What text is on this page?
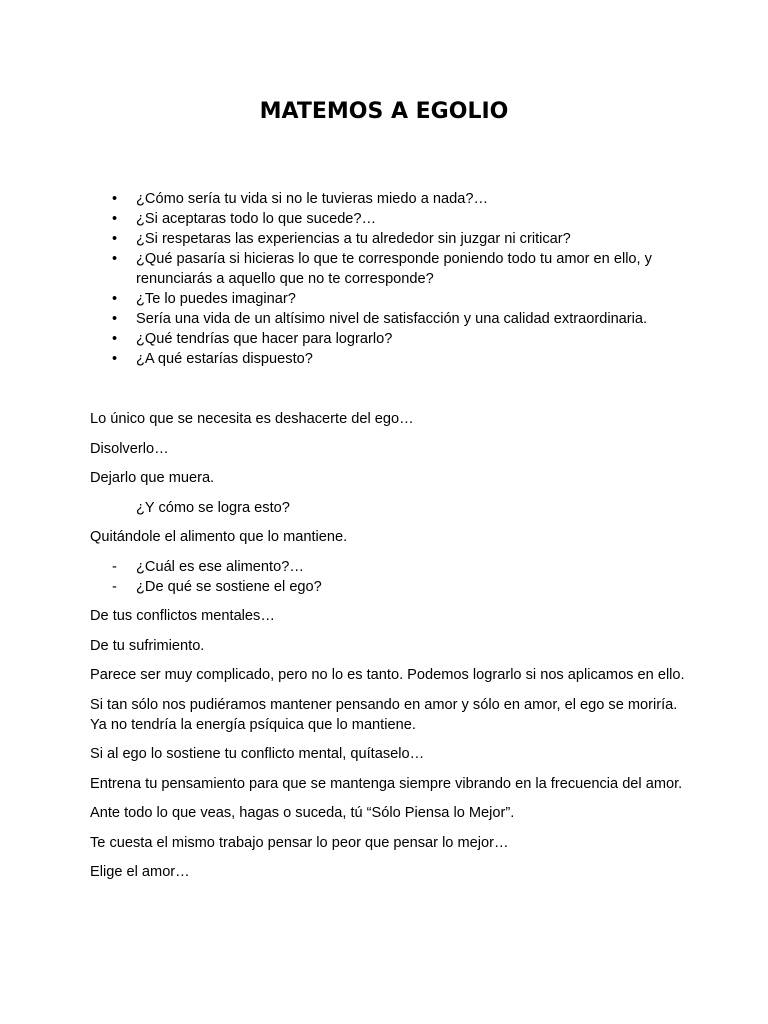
MATEMOS A EGOLIO
• ¿Cómo sería tu vida si no le tuvieras miedo a nada?…
• ¿Si aceptaras todo lo que sucede?…
• ¿Si respetaras las experiencias a tu alrededor sin juzgar ni criticar?
• ¿Qué pasaría si hicieras lo que te corresponde poniendo todo tu amor en ello, y renunciarás a aquello que no te corresponde?
• ¿Te lo puedes imaginar?
• Sería una vida de un altísimo nivel de satisfacción y una calidad extraordinaria.
• ¿Qué tendrías que hacer para lograrlo?
• ¿A qué estarías dispuesto?

Lo único que se necesita es deshacerte del ego…

Disolverlo…

Dejarlo que muera.

¿Y cómo se logra esto?

Quitándole el alimento que lo mantiene.

- ¿Cuál es ese alimento?…
- ¿De qué se sostiene el ego?

De tus conflictos mentales…

De tu sufrimiento.

Parece ser muy complicado, pero no lo es tanto. Podemos lograrlo si nos aplicamos en ello.

Si tan sólo nos pudiéramos mantener pensando en amor y sólo en amor, el ego se moriría. Ya no tendría la energía psíquica que lo mantiene.

Si al ego lo sostiene tu conflicto mental, quítaselo…

Entrena tu pensamiento para que se mantenga siempre vibrando en la frecuencia del amor.

Ante todo lo que veas, hagas o suceda, tú “Sólo Piensa lo Mejor”.

Te cuesta el mismo trabajo pensar lo peor que pensar lo mejor…

Elige el amor…
